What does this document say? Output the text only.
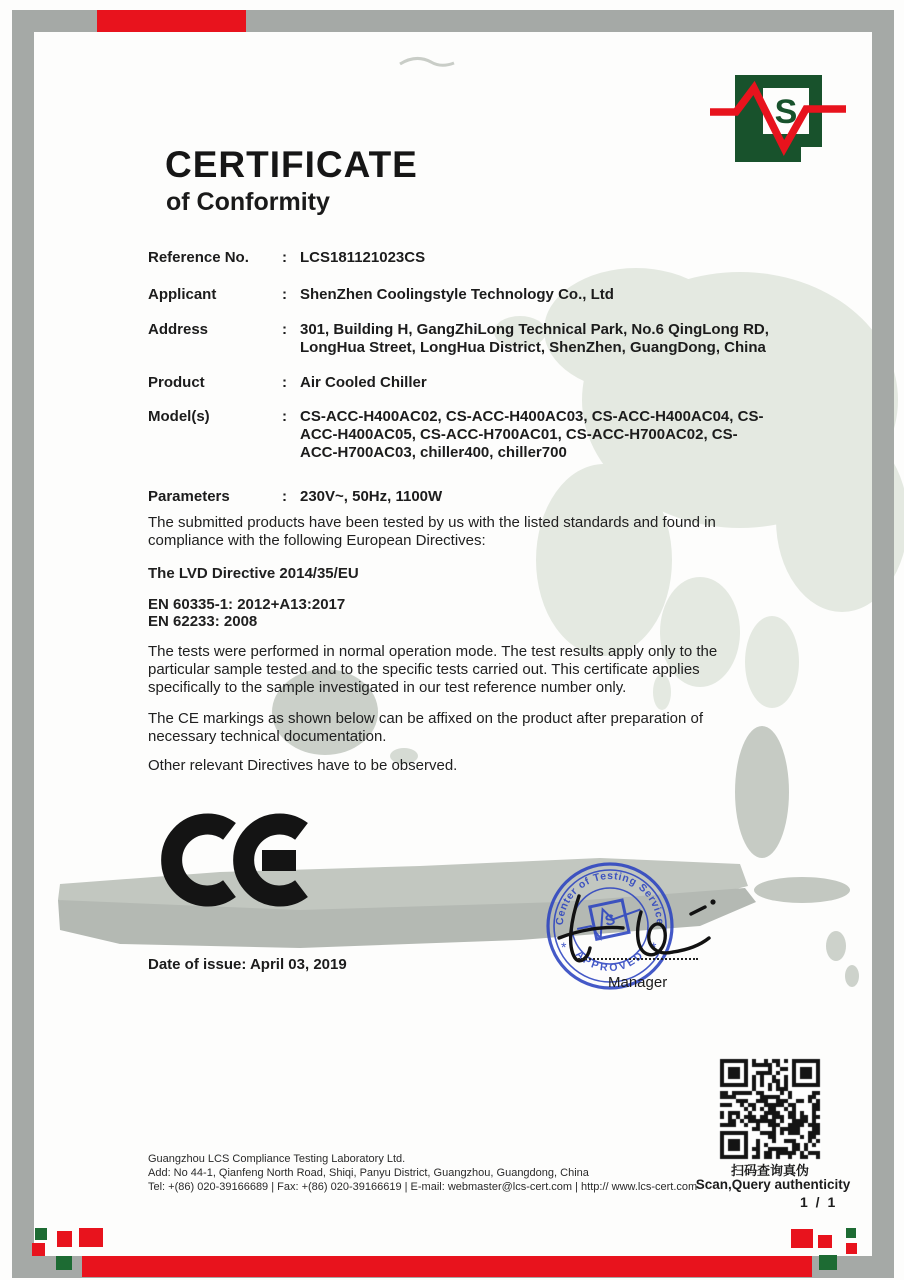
S
CERTIFICATE
of Conformity
Reference No. : LCS181121023CS
Applicant	: ShenZhen Coolingstyle Technology Co., Ltd
Address	: 301, Building H, GangZhiLong Technical Park, No.6 QingLong RD, LongHua Street, LongHua District, ShenZhen, GuangDong, China
Product	: Air Cooled Chiller
Model(s)	: CS-ACC-H400AC02, CS-ACC-H400AC03, CS-ACC-H400AC04, CS-ACC-H400AC05, CS-ACC-H700AC01, CS-ACC-H700AC02, CS-ACC-H700AC03, chiller400, chiller700
Parameters	: 230V~, 50Hz, 1100W
The submitted products have been tested by us with the listed standards and found in compliance with the following European Directives:
The LVD Directive 2014/35/EU
EN 60335-1: 2012+A13:2017
EN 62233: 2008
The tests were performed in normal operation mode. The test results apply only to the particular sample tested and to the specific tests carried out. This certificate applies specifically to the sample investigated in our test reference number only.
The CE markings as shown below can be affixed on the product after preparation of necessary technical documentation.
Other relevant Directives have to be observed.
Date of issue: April 03, 2019
Center of Testing Service
APPROVED
*	*
S
Manager
扫码查询真伪
Scan,Query authenticity
1 / 1
Guangzhou LCS Compliance Testing Laboratory Ltd.
Add: No 44-1, Qianfeng North Road, Shiqi, Panyu District, Guangzhou, Guangdong, China
Tel: +(86) 020-39166689 | Fax: +(86) 020-39166619 | E-mail: webmaster@lcs-cert.com | http:// www.lcs-cert.com
